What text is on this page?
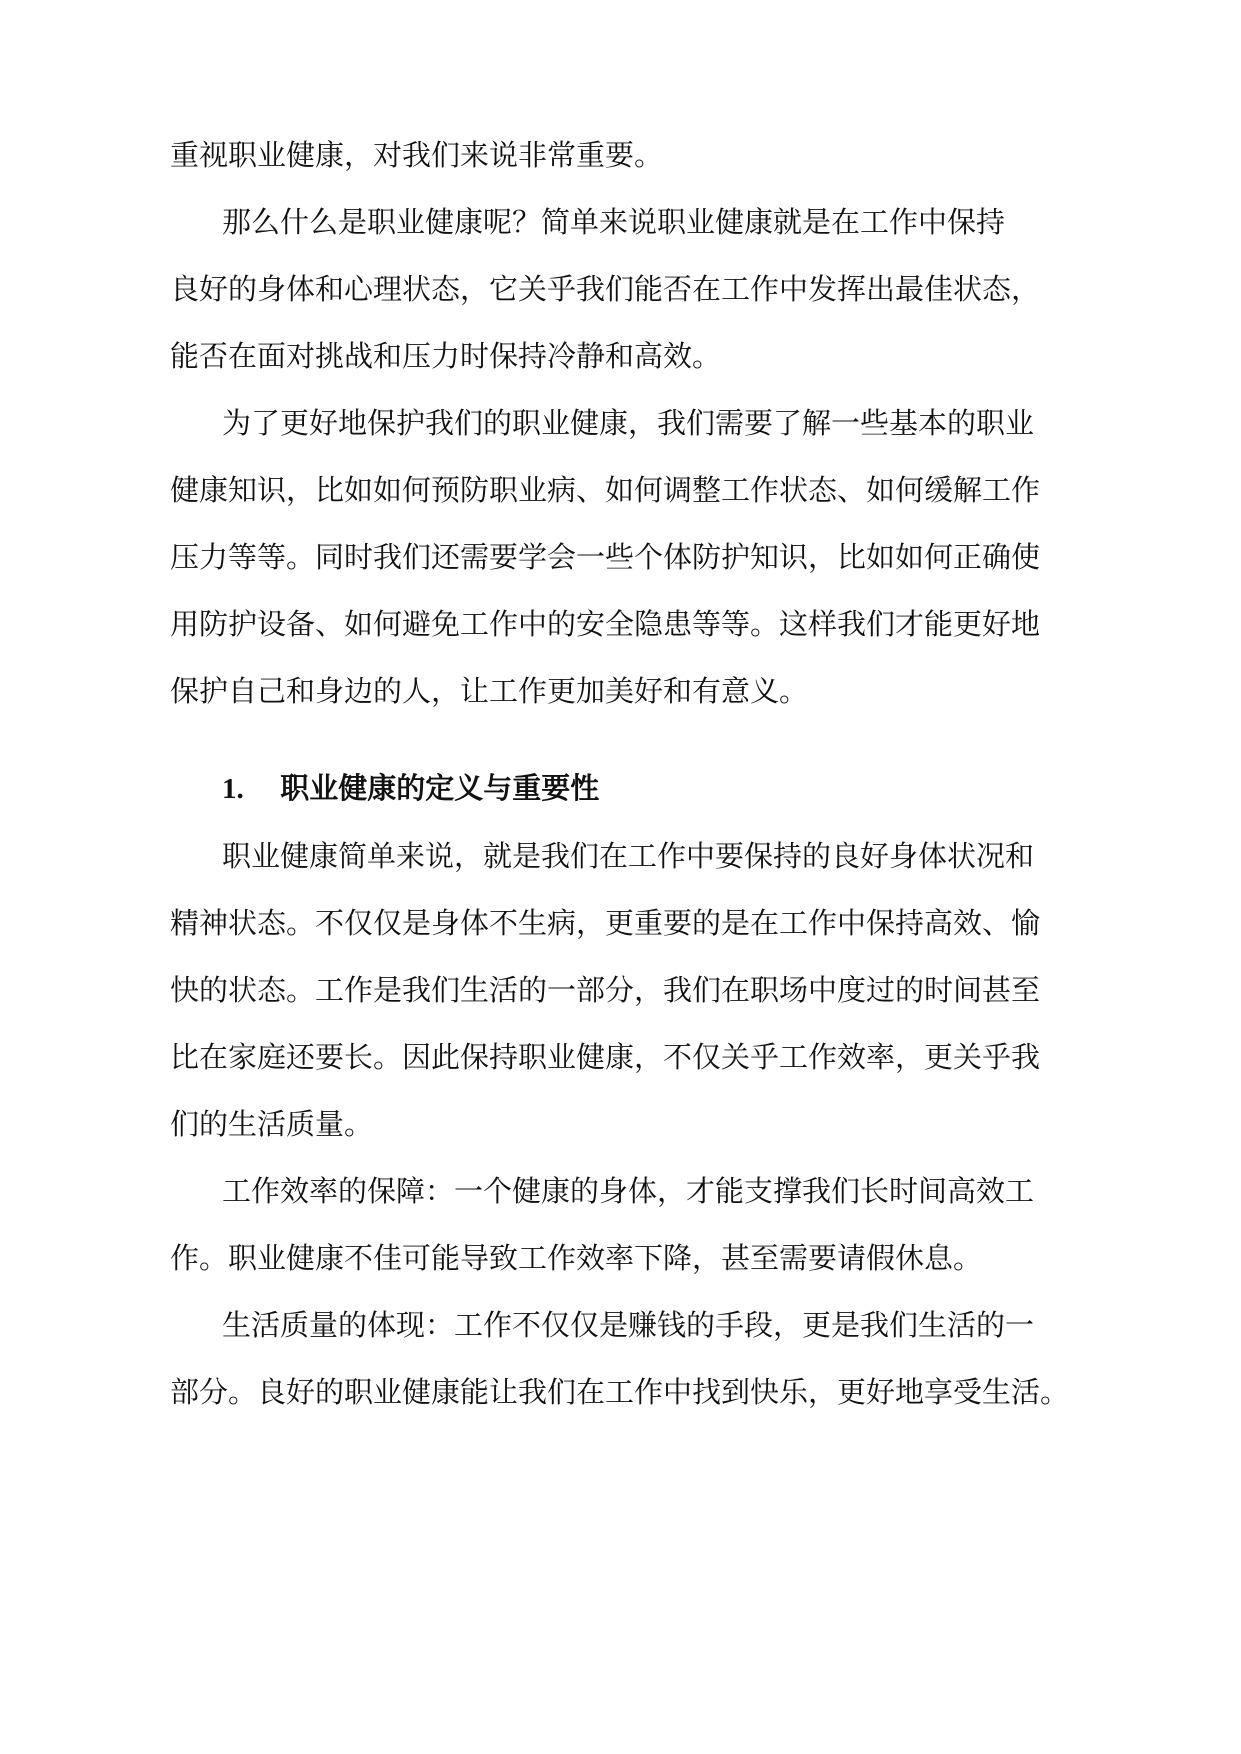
重视职业健康，对我们来说非常重要。
那么什么是职业健康呢？简单来说职业健康就是在工作中保持
良好的身体和心理状态，它关乎我们能否在工作中发挥出最佳状态，
能否在面对挑战和压力时保持冷静和高效。
为了更好地保护我们的职业健康，我们需要了解一些基本的职业
健康知识，比如如何预防职业病、如何调整工作状态、如何缓解工作
压力等等。同时我们还需要学会一些个体防护知识，比如如何正确使
用防护设备、如何避免工作中的安全隐患等等。这样我们才能更好地
保护自己和身边的人，让工作更加美好和有意义。
1. 职业健康的定义与重要性
职业健康简单来说，就是我们在工作中要保持的良好身体状况和
精神状态。不仅仅是身体不生病，更重要的是在工作中保持高效、愉
快的状态。工作是我们生活的一部分，我们在职场中度过的时间甚至
比在家庭还要长。因此保持职业健康，不仅关乎工作效率，更关乎我
们的生活质量。
工作效率的保障：一个健康的身体，才能支撑我们长时间高效工
作。职业健康不佳可能导致工作效率下降，甚至需要请假休息。
生活质量的体现：工作不仅仅是赚钱的手段，更是我们生活的一
部分。良好的职业健康能让我们在工作中找到快乐，更好地享受生活。
